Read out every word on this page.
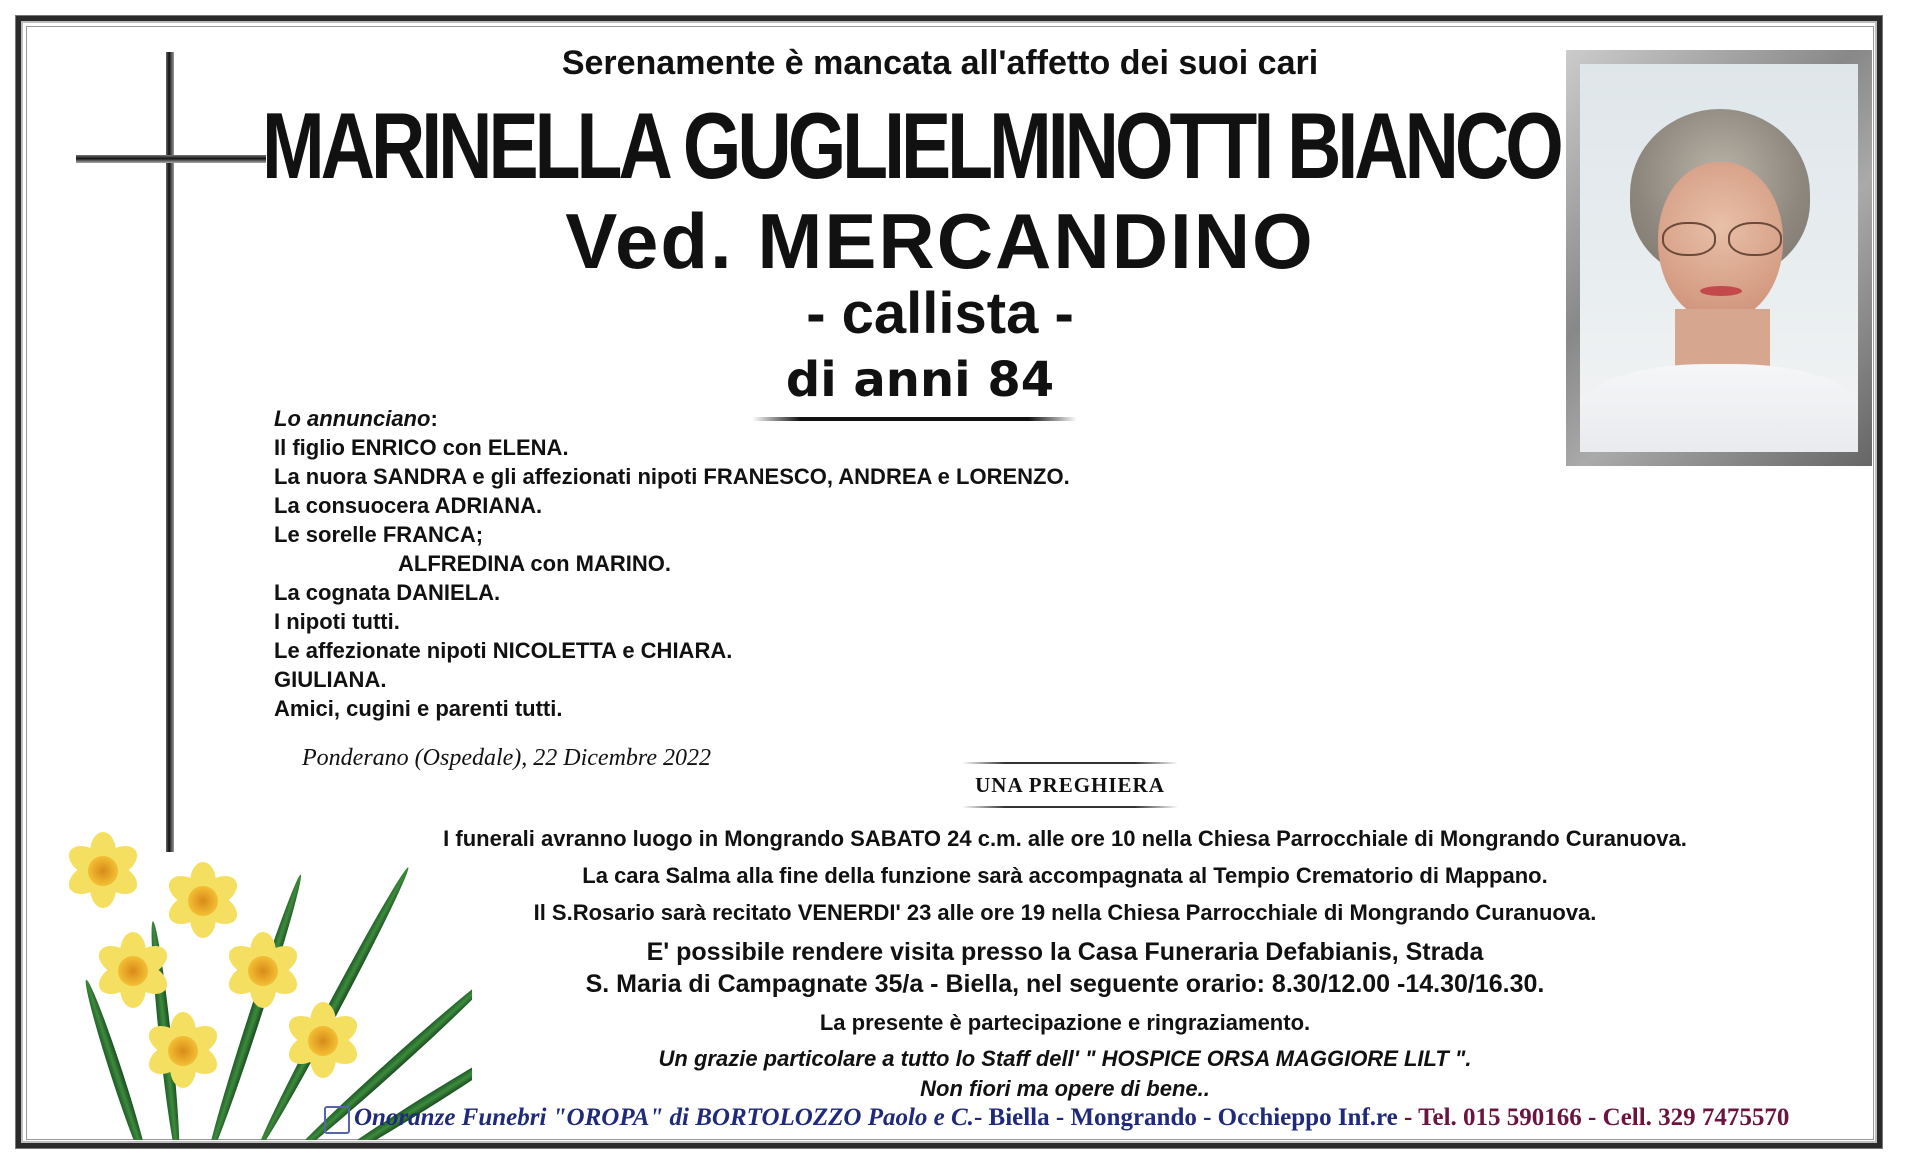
Serenamente è mancata all'affetto dei suoi cari
MARINELLA GUGLIELMINOTTI BIANCO
Ved. MERCANDINO
- callista -
di anni 84
Lo annunciano:
Il figlio ENRICO con ELENA.
La nuora SANDRA e gli affezionati nipoti FRANESCO, ANDREA e LORENZO.
La consuocera ADRIANA.
Le sorelle FRANCA;
ALFREDINA con MARINO.
La cognata DANIELA.
I nipoti tutti.
Le affezionate nipoti NICOLETTA e CHIARA.
GIULIANA.
Amici, cugini e parenti tutti.
Ponderano (Ospedale), 22 Dicembre 2022
UNA PREGHIERA
I funerali avranno luogo in Mongrando SABATO 24 c.m. alle ore 10 nella Chiesa Parrocchiale di Mongrando Curanuova.
La cara Salma alla fine della funzione sarà accompagnata al Tempio Crematorio di Mappano.
Il S.Rosario sarà recitato VENERDI' 23 alle ore 19 nella Chiesa Parrocchiale di Mongrando Curanuova.
E' possibile rendere visita presso la Casa Funeraria Defabianis, Strada
S. Maria di Campagnate 35/a - Biella, nel seguente orario: 8.30/12.00 -14.30/16.30.
La presente è partecipazione e ringraziamento.
Un grazie particolare a tutto lo Staff dell' " HOSPICE ORSA MAGGIORE LILT ".
Non fiori ma opere di bene..
Onoranze Funebri "OROPA" di BORTOLOZZO Paolo e C.- Biella - Mongrando - Occhieppo Inf.re - Tel. 015 590166 - Cell. 329 7475570
